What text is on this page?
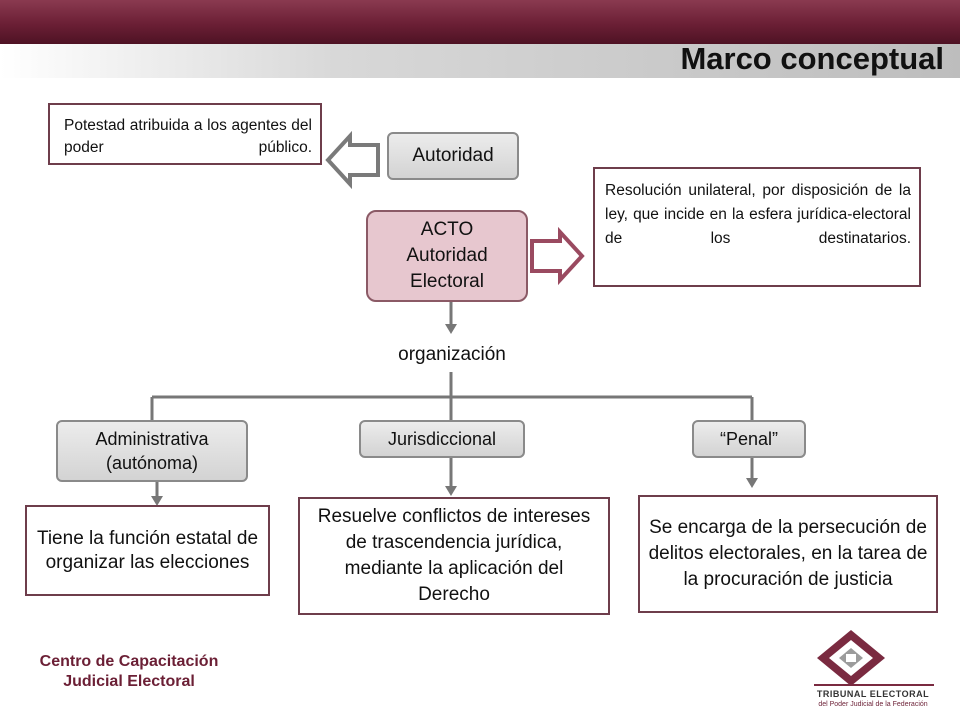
Marco conceptual
Potestad atribuida a los agentes del poder público.	Autoridad
Resolución unilateral, por disposición de la ley, que incide en la esfera jurídica-electoral de los destinatarios.
ACTO
Autoridad
Electoral
organización
Administrativa
(autónoma)
Jurisdiccional	“Penal”
Tiene la función estatal de organizar las elecciones
Resuelve conflictos de intereses de trascendencia jurídica, mediante la aplicación del Derecho
Se encarga de la persecución de delitos electorales, en la tarea de la procuración de justicia
Centro de Capacitación
Judicial Electoral
TRIBUNAL ELECTORAL
del Poder Judicial de la Federación
